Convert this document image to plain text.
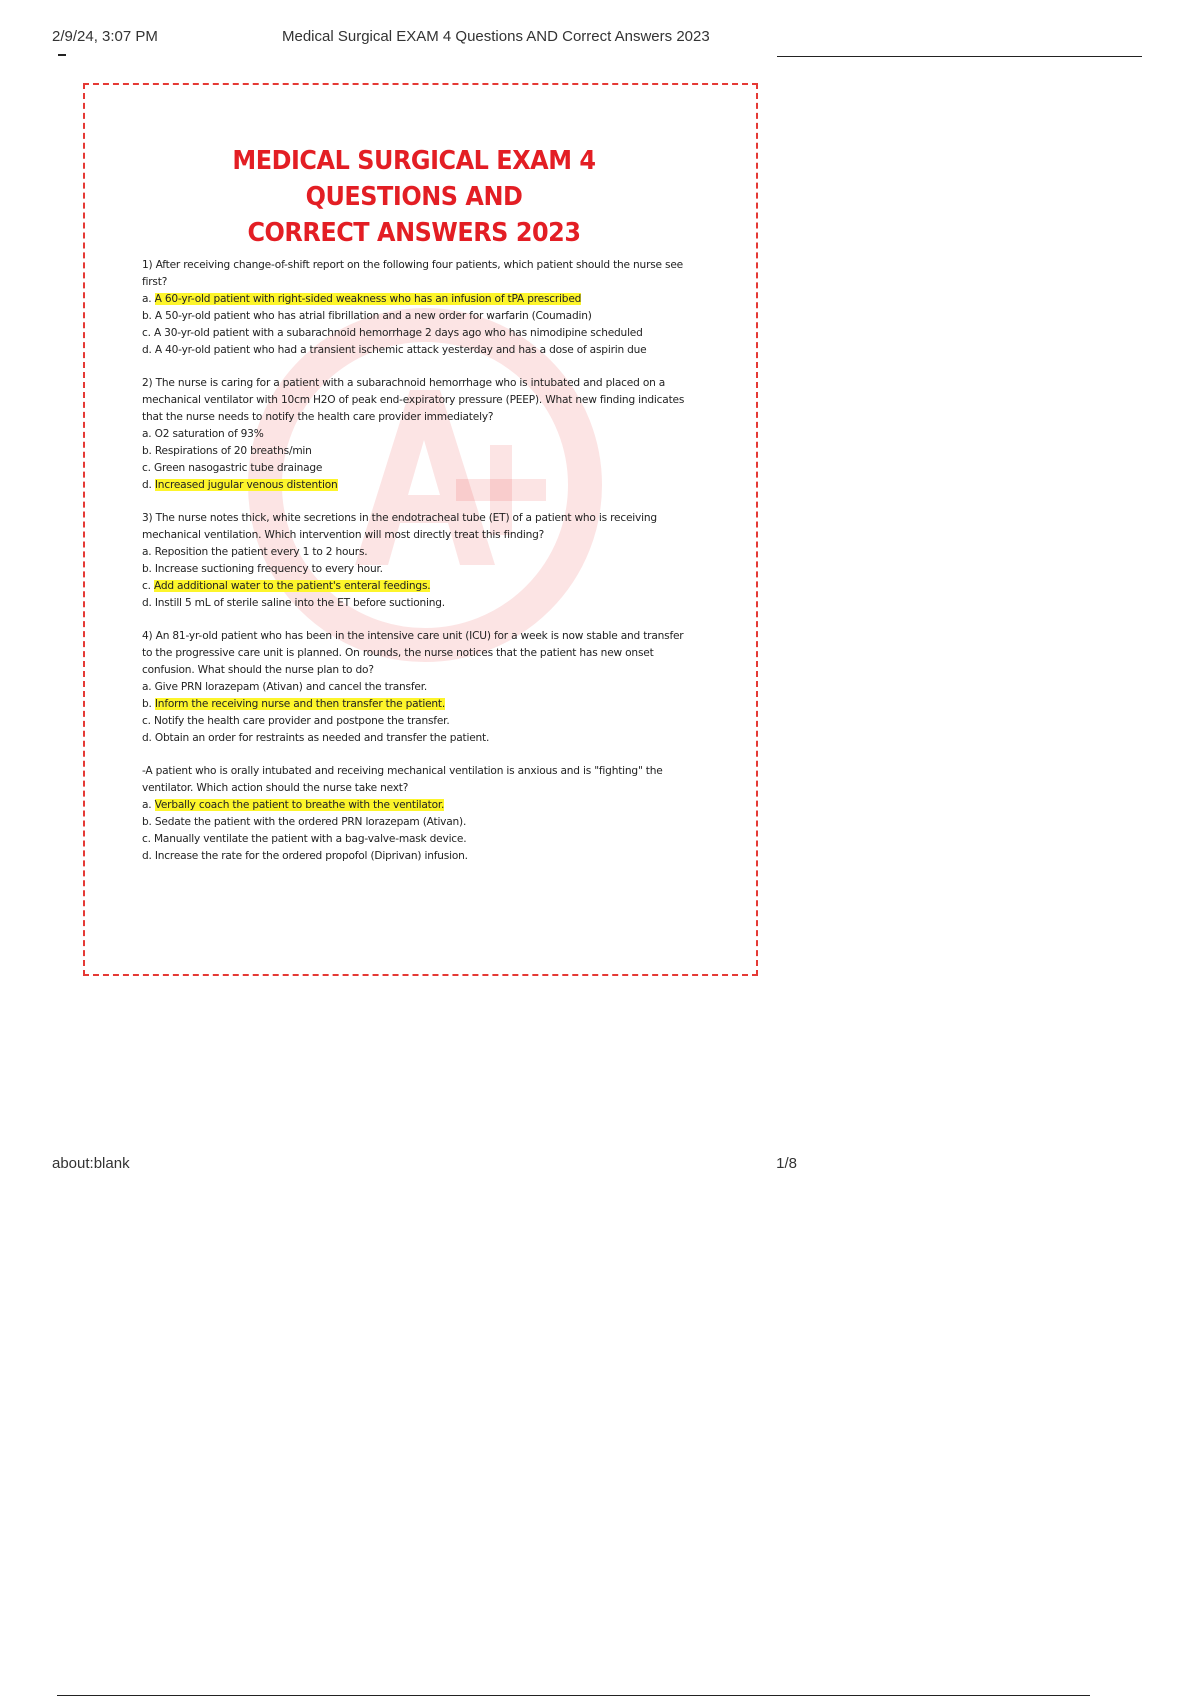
2/9/24, 3:07 PM	Medical Surgical EXAM 4 Questions AND Correct Answers 2023
MEDICAL SURGICAL EXAM 4 QUESTIONS AND
CORRECT ANSWERS 2023
1) After receiving change-of-shift report on the following four patients, which patient should the nurse see first?
a. A 60-yr-old patient with right-sided weakness who has an infusion of tPA prescribed
b. A 50-yr-old patient who has atrial fibrillation and a new order for warfarin (Coumadin)
c. A 30-yr-old patient with a subarachnoid hemorrhage 2 days ago who has nimodipine scheduled
d. A 40-yr-old patient who had a transient ischemic attack yesterday and has a dose of aspirin due
2) The nurse is caring for a patient with a subarachnoid hemorrhage who is intubated and placed on a mechanical ventilator with 10cm H2O of peak end-expiratory pressure (PEEP). What new finding indicates that the nurse needs to notify the health care provider immediately?
a. O2 saturation of 93%
b. Respirations of 20 breaths/min
c. Green nasogastric tube drainage
d. Increased jugular venous distention
3) The nurse notes thick, white secretions in the endotracheal tube (ET) of a patient who is receiving mechanical ventilation. Which intervention will most directly treat this finding?
a. Reposition the patient every 1 to 2 hours.
b. Increase suctioning frequency to every hour.
c. Add additional water to the patient's enteral feedings.
d. Instill 5 mL of sterile saline into the ET before suctioning.
4) An 81-yr-old patient who has been in the intensive care unit (ICU) for a week is now stable and transfer to the progressive care unit is planned. On rounds, the nurse notices that the patient has new onset confusion. What should the nurse plan to do?
a. Give PRN lorazepam (Ativan) and cancel the transfer.
b. Inform the receiving nurse and then transfer the patient.
c. Notify the health care provider and postpone the transfer.
d. Obtain an order for restraints as needed and transfer the patient.
-A patient who is orally intubated and receiving mechanical ventilation is anxious and is "fighting" the ventilator. Which action should the nurse take next?
a. Verbally coach the patient to breathe with the ventilator.
b. Sedate the patient with the ordered PRN lorazepam (Ativan).
c. Manually ventilate the patient with a bag-valve-mask device.
d. Increase the rate for the ordered propofol (Diprivan) infusion.
about:blank	1/8
